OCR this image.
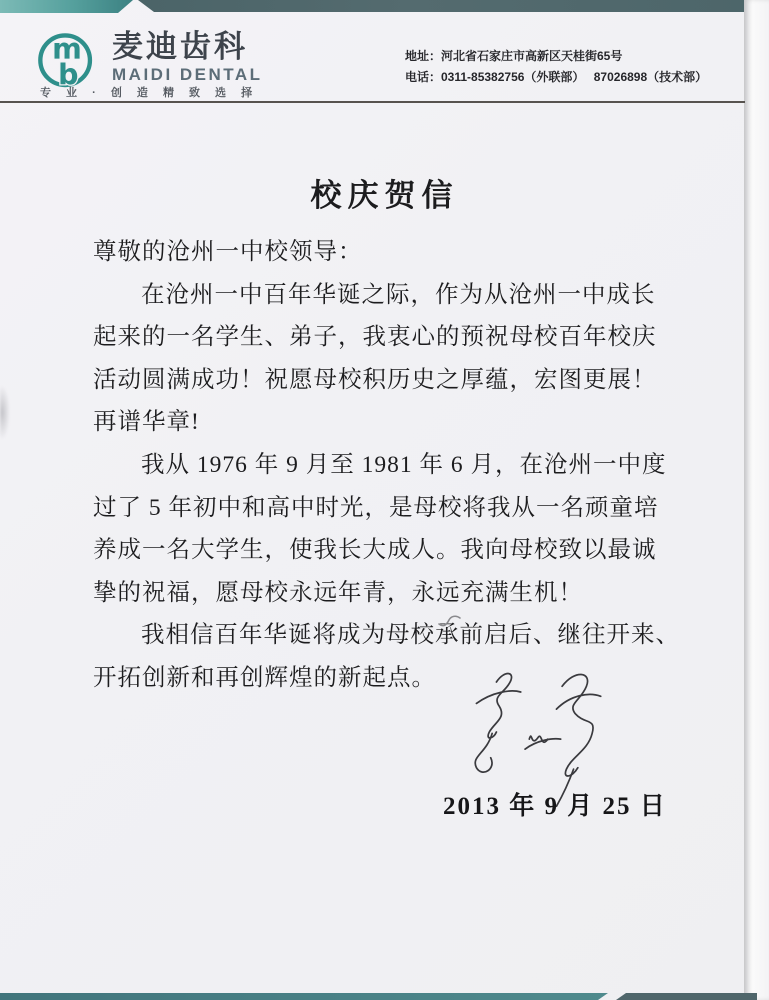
m
d
麦迪齿科
MAIDI DENTAL
专 业 · 创 造 精 致 选 择
地址：河北省石家庄市高新区天桂街65号
电话：0311-85382756（外联部）　 87026898（技术部）
校庆贺信
尊敬的沧州一中校领导：
在沧州一中百年华诞之际，作为从沧州一中成长
起来的一名学生、弟子，我衷心的预祝母校百年校庆
活动圆满成功！祝愿母校积历史之厚蕴，宏图更展！
再谱华章!
我从 1976 年 9 月至 1981 年 6 月，在沧州一中度
过了 5 年初中和高中时光，是母校将我从一名顽童培
养成一名大学生，使我长大成人。我向母校致以最诚
挚的祝福，愿母校永远年青，永远充满生机！
我相信百年华诞将成为母校承前启后、继往开来、
开拓创新和再创辉煌的新起点。
2013 年 9 月 25 日
